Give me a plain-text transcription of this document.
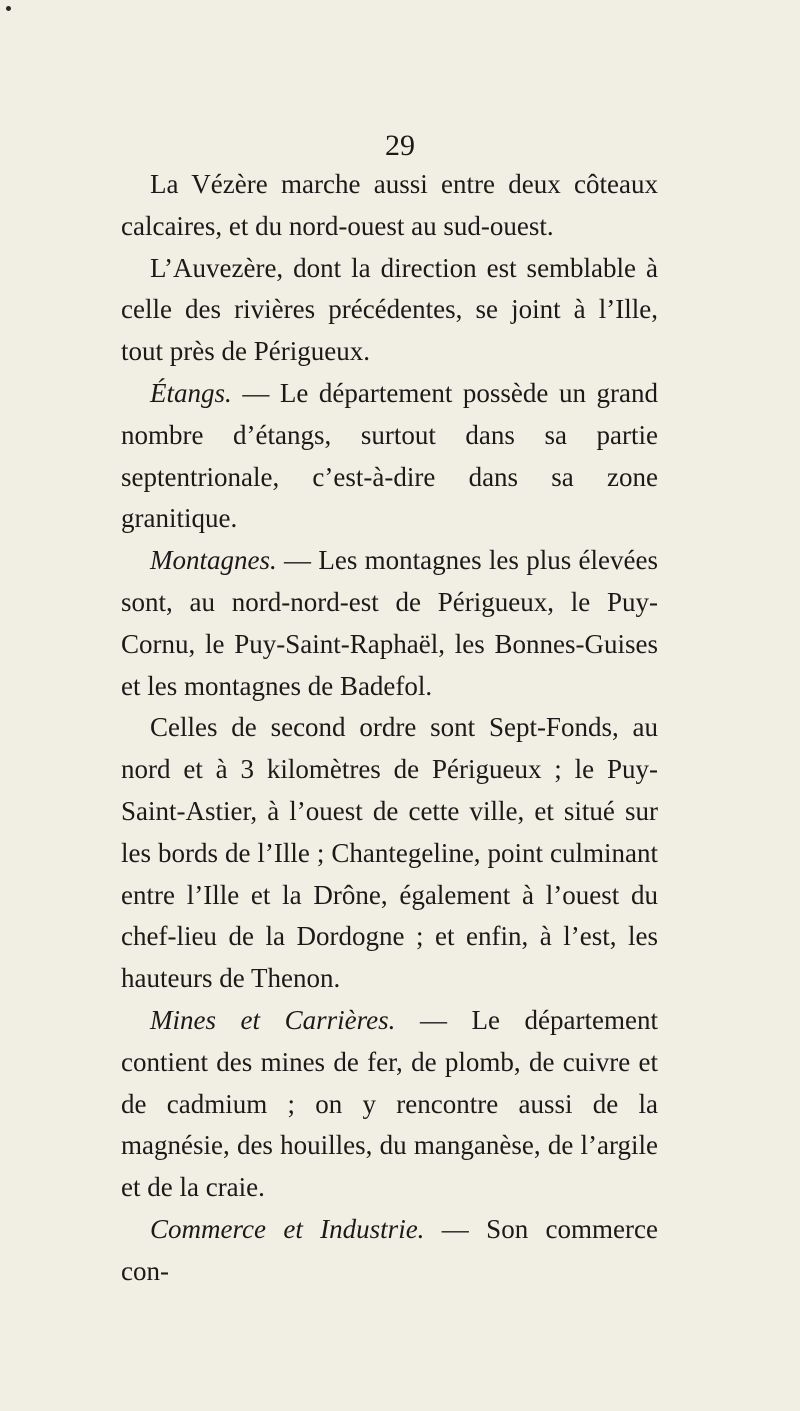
29

La Vézère marche aussi entre deux côteaux calcaires, et du nord-ouest au sud-ouest.

L’Auvezère, dont la direction est semblable à celle des rivières précédentes, se joint à l’Ille, tout près de Périgueux.

Étangs. — Le département possède un grand nombre d’étangs, surtout dans sa partie septentrionale, c’est-à-dire dans sa zone granitique.

Montagnes. — Les montagnes les plus élevées sont, au nord-nord-est de Périgueux, le Puy-Cornu, le Puy-Saint-Raphaël, les Bonnes-Guises et les montagnes de Badefol.

Celles de second ordre sont Sept-Fonds, au nord et à 3 kilomètres de Périgueux ; le Puy-Saint-Astier, à l’ouest de cette ville, et situé sur les bords de l’Ille ; Chantegeline, point culminant entre l’Ille et la Drône, également à l’ouest du chef-lieu de la Dordogne ; et enfin, à l’est, les hauteurs de Thenon.

Mines et Carrières. — Le département contient des mines de fer, de plomb, de cuivre et de cadmium ; on y rencontre aussi de la magnésie, des houilles, du manganèse, de l’argile et de la craie.

Commerce et Industrie. — Son commerce con-
